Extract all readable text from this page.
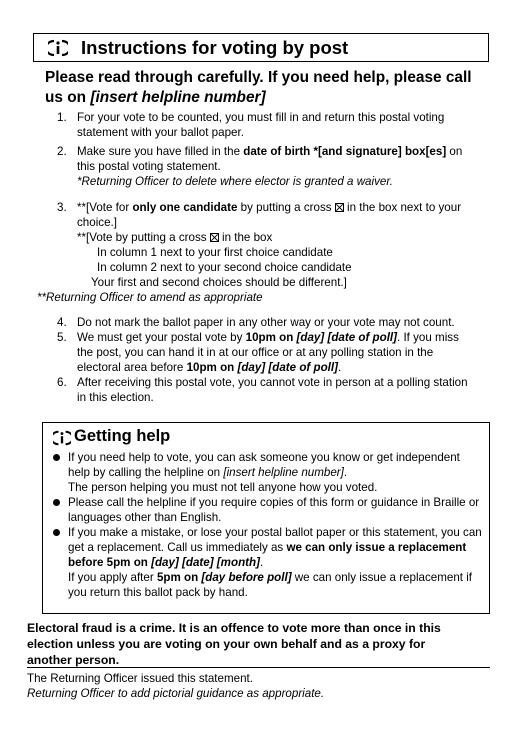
Instructions for voting by post
Please read through carefully. If you need help, please call us on [insert helpline number]
1. For your vote to be counted, you must fill in and return this postal voting statement with your ballot paper.
2. Make sure you have filled in the date of birth *[and signature] box[es] on this postal voting statement.
*Returning Officer to delete where elector is granted a waiver.
3. **[Vote for only one candidate by putting a cross ☒ in the box next to your choice.]
**[Vote by putting a cross ☒ in the box
In column 1 next to your first choice candidate
In column 2 next to your second choice candidate
Your first and second choices should be different.]
**Returning Officer to amend as appropriate
4. Do not mark the ballot paper in any other way or your vote may not count.
5. We must get your postal vote by 10pm on [day] [date of poll]. If you miss the post, you can hand it in at our office or at any polling station in the electoral area before 10pm on [day] [date of poll].
6. After receiving this postal vote, you cannot vote in person at a polling station in this election.
Getting help
If you need help to vote, you can ask someone you know or get independent help by calling the helpline on [insert helpline number].
The person helping you must not tell anyone how you voted.
Please call the helpline if you require copies of this form or guidance in Braille or languages other than English.
If you make a mistake, or lose your postal ballot paper or this statement, you can get a replacement. Call us immediately as we can only issue a replacement before 5pm on [day] [date] [month].
If you apply after 5pm on [day before poll] we can only issue a replacement if you return this ballot pack by hand.
Electoral fraud is a crime. It is an offence to vote more than once in this election unless you are voting on your own behalf and as a proxy for another person.
The Returning Officer issued this statement.
Returning Officer to add pictorial guidance as appropriate.
